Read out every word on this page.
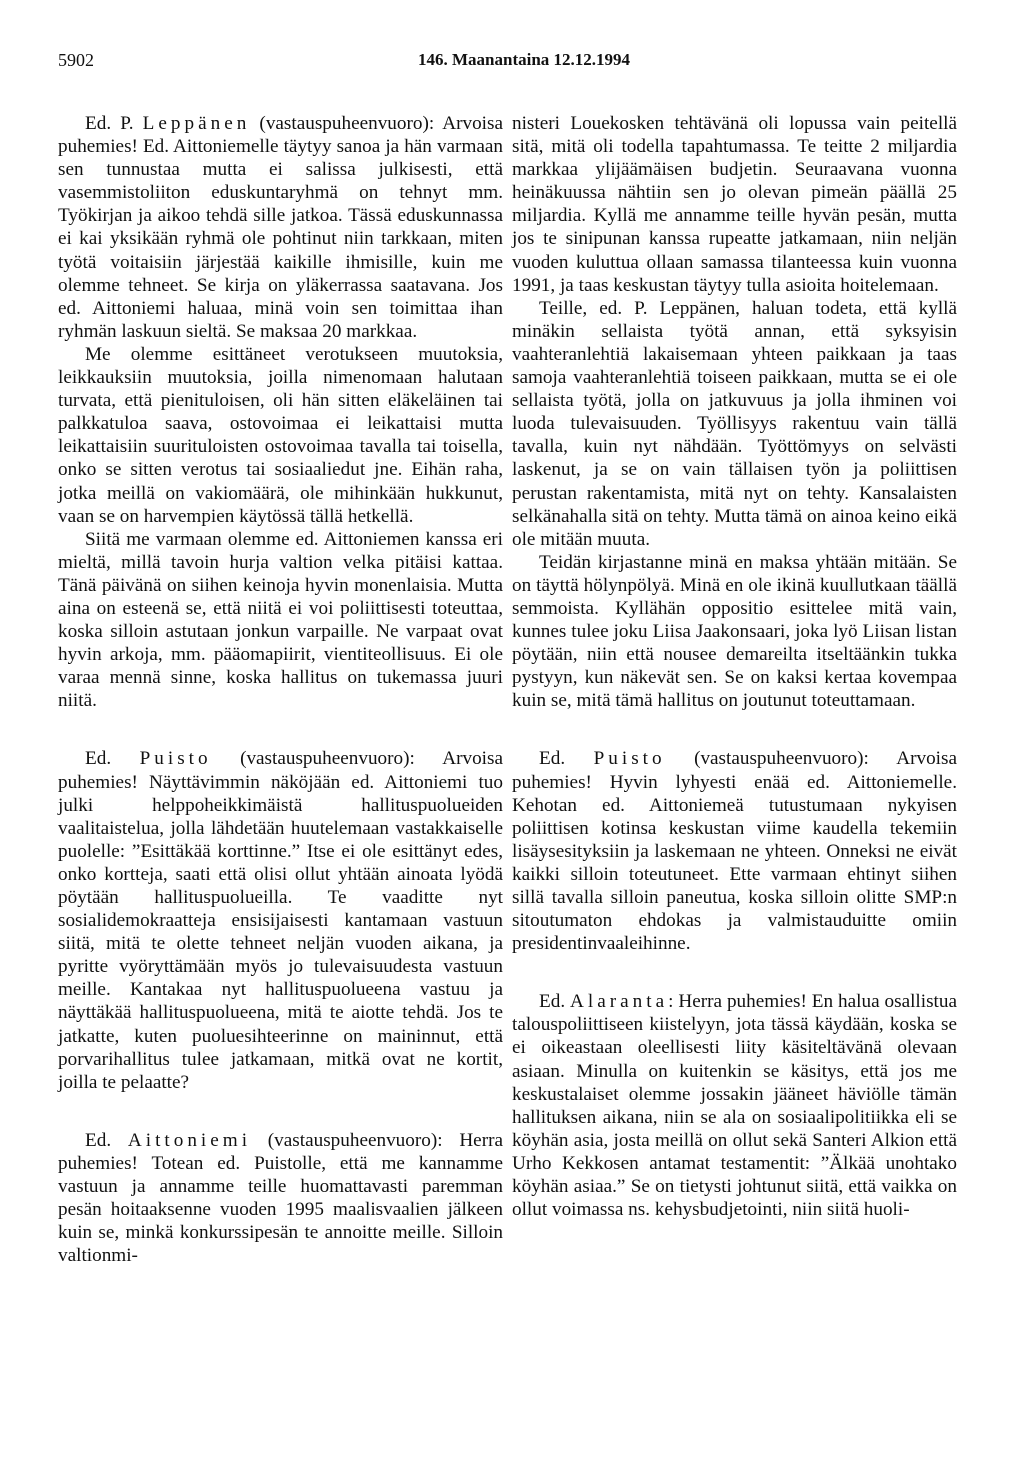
5902	146. Maanantaina 12.12.1994

Ed. P. Leppänen (vastauspuheenvuoro): Arvoisa puhemies! Ed. Aittoniemelle täytyy sanoa ja hän varmaan sen tunnustaa mutta ei salissa julkisesti, että vasemmistoliiton eduskuntaryhmä on tehnyt mm. Työkirjan ja aikoo tehdä sille jatkoa. Tässä eduskunnassa ei kai yksikään ryhmä ole pohtinut niin tarkkaan, miten työtä voitaisiin järjestää kaikille ihmisille, kuin me olemme tehneet. Se kirja on yläkerrassa saatavana. Jos ed. Aittoniemi haluaa, minä voin sen toimittaa ihan ryhmän laskuun sieltä. Se maksaa 20 markkaa.

Me olemme esittäneet verotukseen muutoksia, leikkauksiin muutoksia, joilla nimenomaan halutaan turvata, että pienituloisen, oli hän sitten eläkeläinen tai palkkatuloa saava, ostovoimaa ei leikattaisi mutta leikattaisiin suurituloisten ostovoimaa tavalla tai toisella, onko se sitten verotus tai sosiaaliedut jne. Eihän raha, jotka meillä on vakiomäärä, ole mihinkään hukkunut, vaan se on harvempien käytössä tällä hetkellä.

Siitä me varmaan olemme ed. Aittoniemen kanssa eri mieltä, millä tavoin hurja valtion velka pitäisi kattaa. Tänä päivänä on siihen keinoja hyvin monenlaisia. Mutta aina on esteenä se, että niitä ei voi poliittisesti toteuttaa, koska silloin astutaan jonkun varpaille. Ne varpaat ovat hyvin arkoja, mm. pääomapiirit, vientiteollisuus. Ei ole varaa mennä sinne, koska hallitus on tukemassa juuri niitä.

Ed. Puisto (vastauspuheenvuoro): Arvoisa puhemies! Näyttävimmin näköjään ed. Aittoniemi tuo julki helppoheikkimäistä hallituspuolueiden vaalitaistelua, jolla lähdetään huutelemaan vastakkaiselle puolelle: ”Esittäkää korttinne.” Itse ei ole esittänyt edes, onko kortteja, saati että olisi ollut yhtään ainoata lyödä pöytään hallituspuolueilla. Te vaaditte nyt sosialidemokraatteja ensisijaisesti kantamaan vastuun siitä, mitä te olette tehneet neljän vuoden aikana, ja pyritte vyöryttämään myös jo tulevaisuudesta vastuun meille. Kantakaa nyt hallituspuolueena vastuu ja näyttäkää hallituspuolueena, mitä te aiotte tehdä. Jos te jatkatte, kuten puoluesihteerinne on maininnut, että porvarihallitus tulee jatkamaan, mitkä ovat ne kortit, joilla te pelaatte?

Ed. Aittoniemi (vastauspuheenvuoro): Herra puhemies! Totean ed. Puistolle, että me kannamme vastuun ja annamme teille huomattavasti paremman pesän hoitaaksenne vuoden 1995 maalisvaalien jälkeen kuin se, minkä konkurssipesän te annoitte meille. Silloin valtionmi-

nisteri Louekosken tehtävänä oli lopussa vain peitellä sitä, mitä oli todella tapahtumassa. Te teitte 2 miljardia markkaa ylijäämäisen budjetin. Seuraavana vuonna heinäkuussa nähtiin sen jo olevan pimeän päällä 25 miljardia. Kyllä me annamme teille hyvän pesän, mutta jos te sinipunan kanssa rupeatte jatkamaan, niin neljän vuoden kuluttua ollaan samassa tilanteessa kuin vuonna 1991, ja taas keskustan täytyy tulla asioita hoitelemaan.

Teille, ed. P. Leppänen, haluan todeta, että kyllä minäkin sellaista työtä annan, että syksyisin vaahteranlehtiä lakaisemaan yhteen paikkaan ja taas samoja vaahteranlehtiä toiseen paikkaan, mutta se ei ole sellaista työtä, jolla on jatkuvuus ja jolla ihminen voi luoda tulevaisuuden. Työllisyys rakentuu vain tällä tavalla, kuin nyt nähdään. Työttömyys on selvästi laskenut, ja se on vain tällaisen työn ja poliittisen perustan rakentamista, mitä nyt on tehty. Kansalaisten selkänahalla sitä on tehty. Mutta tämä on ainoa keino eikä ole mitään muuta.

Teidän kirjastanne minä en maksa yhtään mitään. Se on täyttä hölynpölyä. Minä en ole ikinä kuullutkaan täällä semmoista. Kyllähän oppositio esittelee mitä vain, kunnes tulee joku Liisa Jaakonsaari, joka lyö Liisan listan pöytään, niin että nousee demareilta itseltäänkin tukka pystyyn, kun näkevät sen. Se on kaksi kertaa kovempaa kuin se, mitä tämä hallitus on joutunut toteuttamaan.

Ed. Puisto (vastauspuheenvuoro): Arvoisa puhemies! Hyvin lyhyesti enää ed. Aittoniemelle. Kehotan ed. Aittoniemeä tutustumaan nykyisen poliittisen kotinsa keskustan viime kaudella tekemiin lisäysesityksiin ja laskemaan ne yhteen. Onneksi ne eivät kaikki silloin toteutuneet. Ette varmaan ehtinyt siihen sillä tavalla silloin paneutua, koska silloin olitte SMP:n sitoutumaton ehdokas ja valmistauduitte omiin presidentinvaaleihinne.

Ed. Alaranta: Herra puhemies! En halua osallistua talouspoliittiseen kiistelyyn, jota tässä käydään, koska se ei oikeastaan oleellisesti liity käsiteltävänä olevaan asiaan. Minulla on kuitenkin se käsitys, että jos me keskustalaiset olemme jossakin jääneet häviölle tämän hallituksen aikana, niin se ala on sosiaalipolitiikka eli se köyhän asia, josta meillä on ollut sekä Santeri Alkion että Urho Kekkosen antamat testamentit: ”Älkää unohtako köyhän asiaa.” Se on tietysti johtunut siitä, että vaikka on ollut voimassa ns. kehysbudjetointi, niin siitä huoli-
